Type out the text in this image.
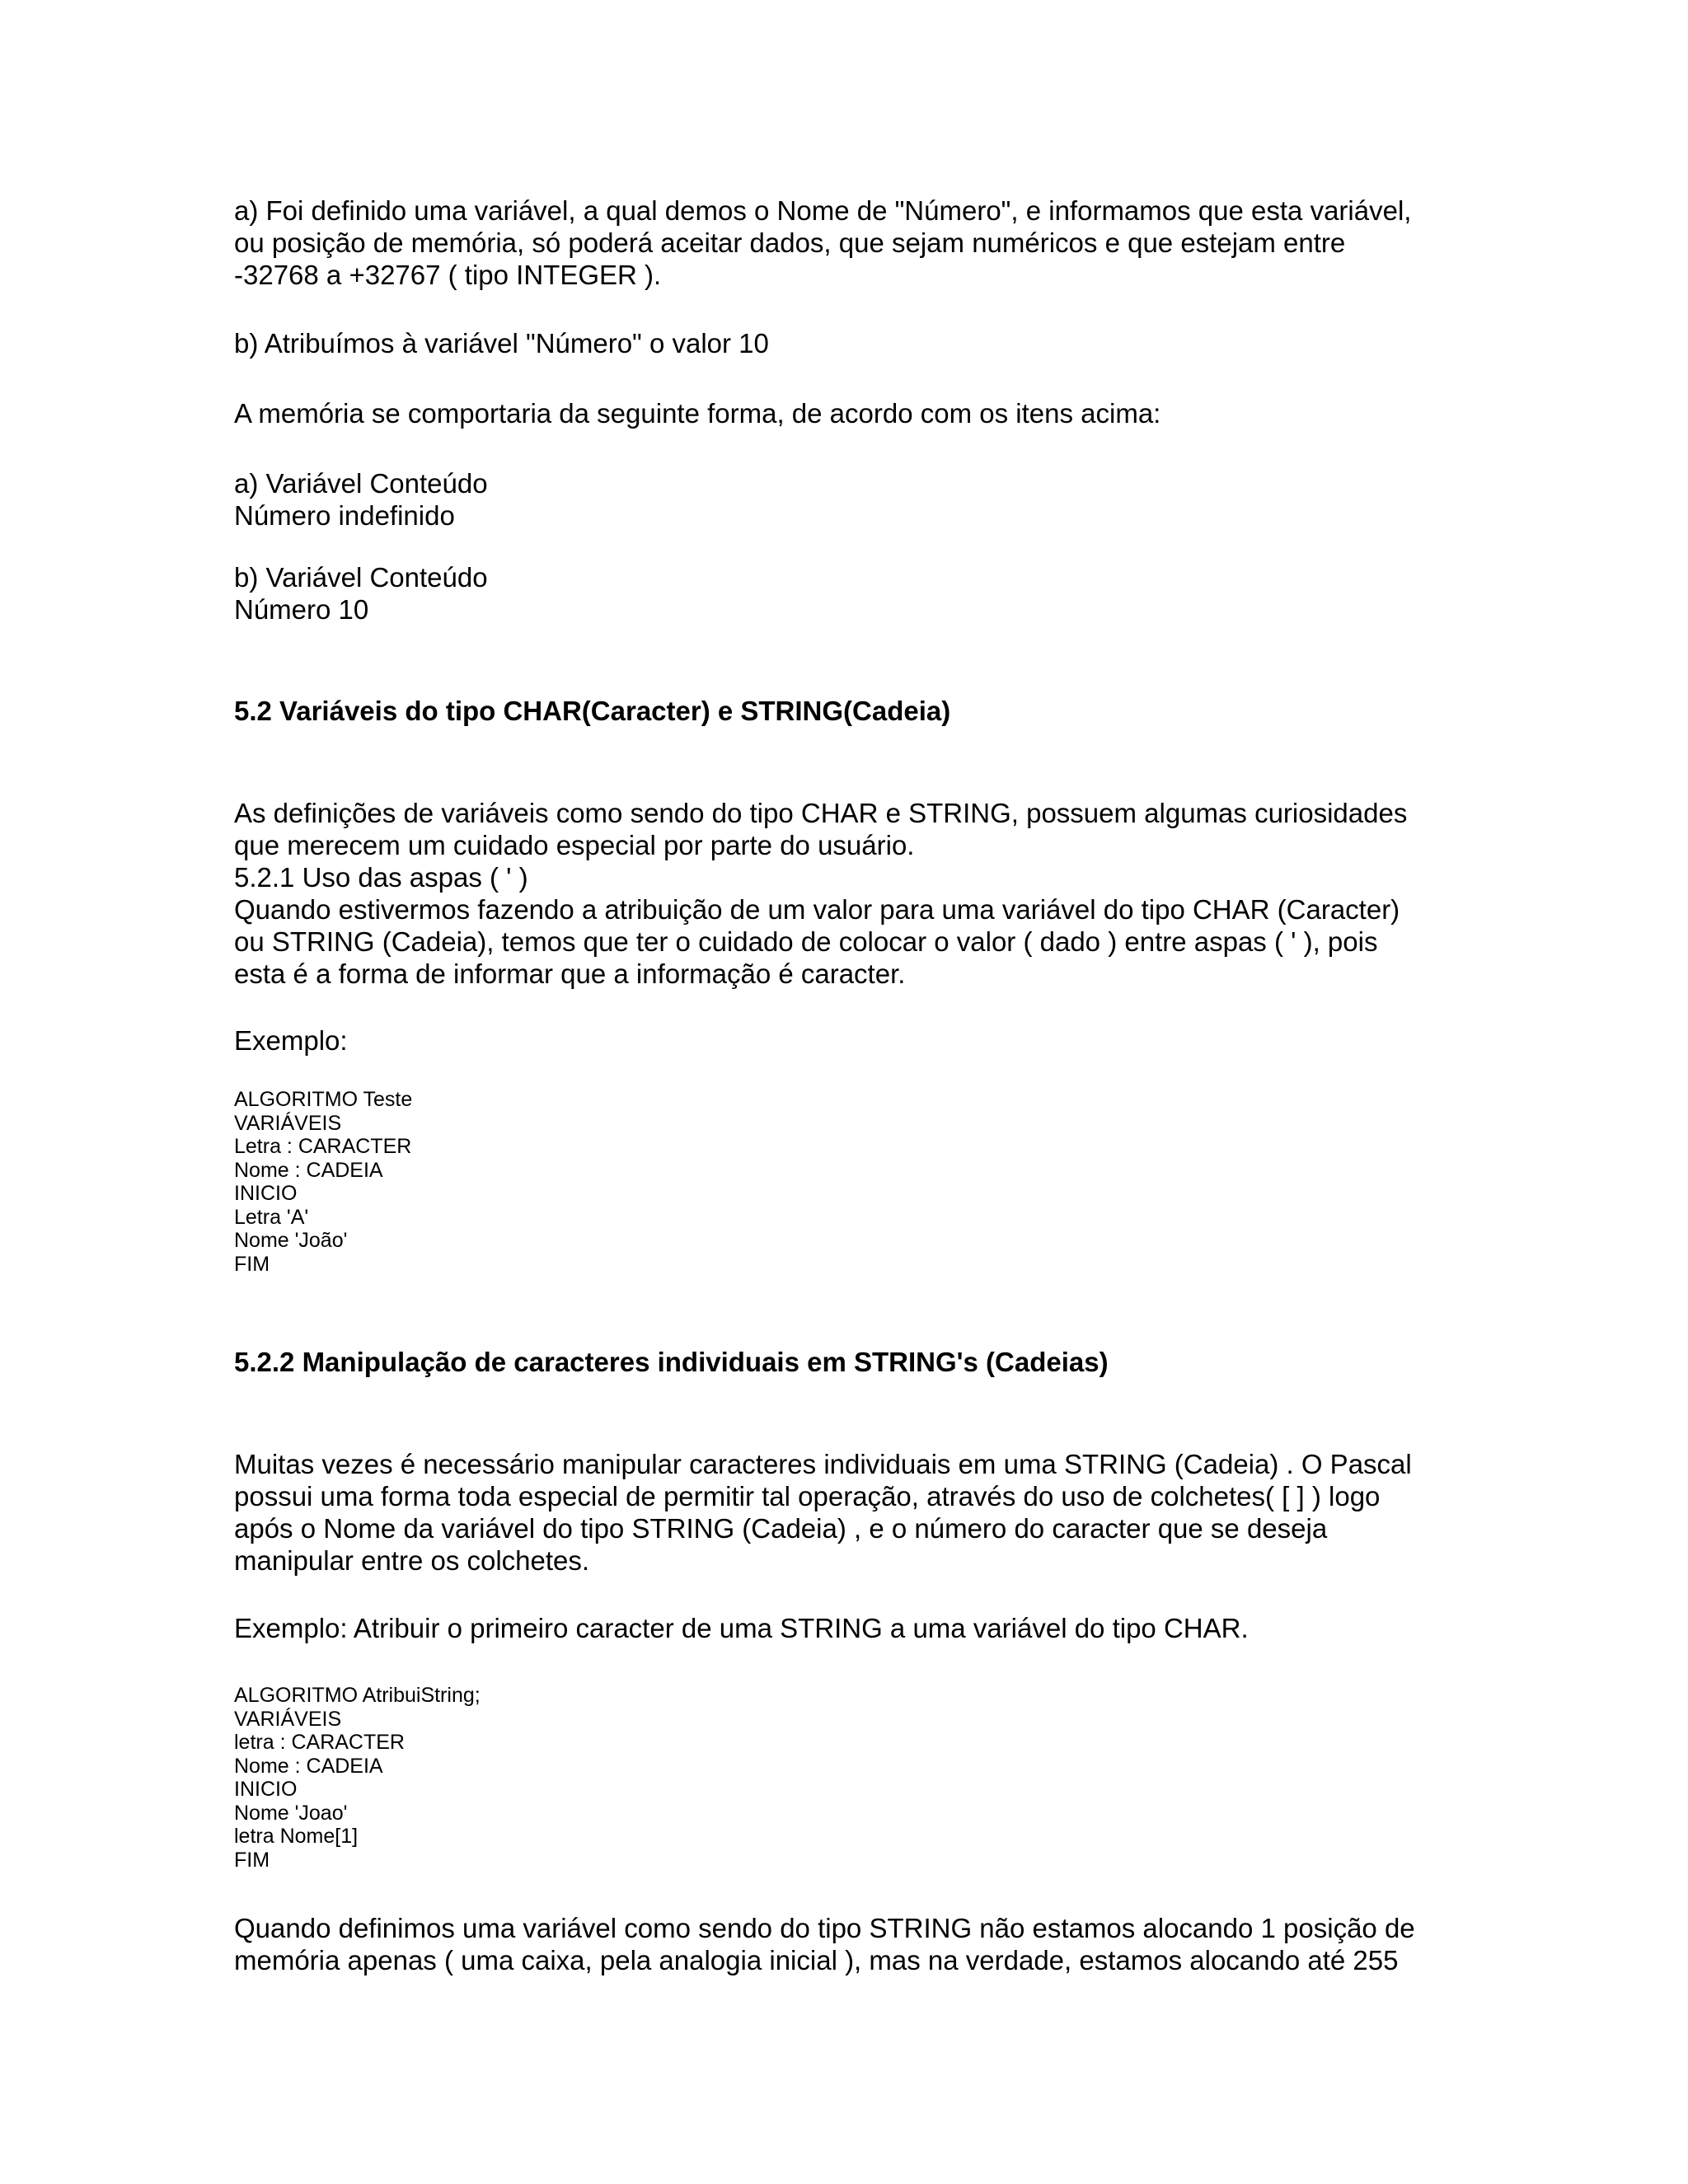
a) Foi definido uma variável, a qual demos o Nome de "Número", e informamos que esta variável,
ou posição de memória, só poderá aceitar dados, que sejam numéricos e que estejam entre
-32768 a +32767 ( tipo INTEGER ).
b) Atribuímos à variável "Número" o valor 10
A memória se comportaria da seguinte forma, de acordo com os itens acima:
a) Variável Conteúdo
Número indefinido
b) Variável Conteúdo
Número 10
5.2 Variáveis do tipo CHAR(Caracter) e STRING(Cadeia)
As definições de variáveis como sendo do tipo CHAR e STRING, possuem algumas curiosidades
que merecem um cuidado especial por parte do usuário.
5.2.1 Uso das aspas ( ' )
Quando estivermos fazendo a atribuição de um valor para uma variável do tipo CHAR (Caracter)
ou STRING (Cadeia), temos que ter o cuidado de colocar o valor ( dado ) entre aspas ( ' ), pois
esta é a forma de informar que a informação é caracter.
Exemplo:
ALGORITMO Teste
VARIÁVEIS
Letra : CARACTER
Nome : CADEIA
INICIO
Letra 'A'
Nome 'João'
FIM
5.2.2 Manipulação de caracteres individuais em STRING's (Cadeias)
Muitas vezes é necessário manipular caracteres individuais em uma STRING (Cadeia) . O Pascal
possui uma forma toda especial de permitir tal operação, através do uso de colchetes( [ ] ) logo
após o Nome da variável do tipo STRING (Cadeia) , e o número do caracter que se deseja
manipular entre os colchetes.
Exemplo: Atribuir o primeiro caracter de uma STRING a uma variável do tipo CHAR.
ALGORITMO AtribuiString;
VARIÁVEIS
letra : CARACTER
Nome : CADEIA
INICIO
Nome 'Joao'
letra Nome[1]
FIM
Quando definimos uma variável como sendo do tipo STRING não estamos alocando 1 posição de
memória apenas ( uma caixa, pela analogia inicial ), mas na verdade, estamos alocando até 255
